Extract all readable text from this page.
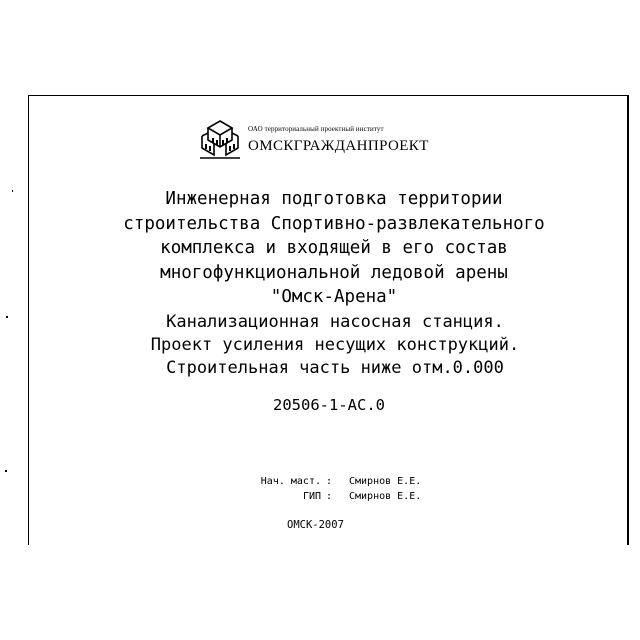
ОАО территориальный проектный институт
ОМСКГРАЖДАНПРОЕКТ
Инженерная подготовка территории
строительства Спортивно-развлекательного
комплекса и входящей в его состав
многофункциональной ледовой арены
"Омск-Арена"
Канализационная насосная станция.
Проект усиления несущих конструкций.
Строительная часть ниже отм.0.000
20506-1-АС.0
Нач. маст. :	Смирнов Е.Е.
ГИП :	Смирнов Е.Е.
ОМСК-2007
